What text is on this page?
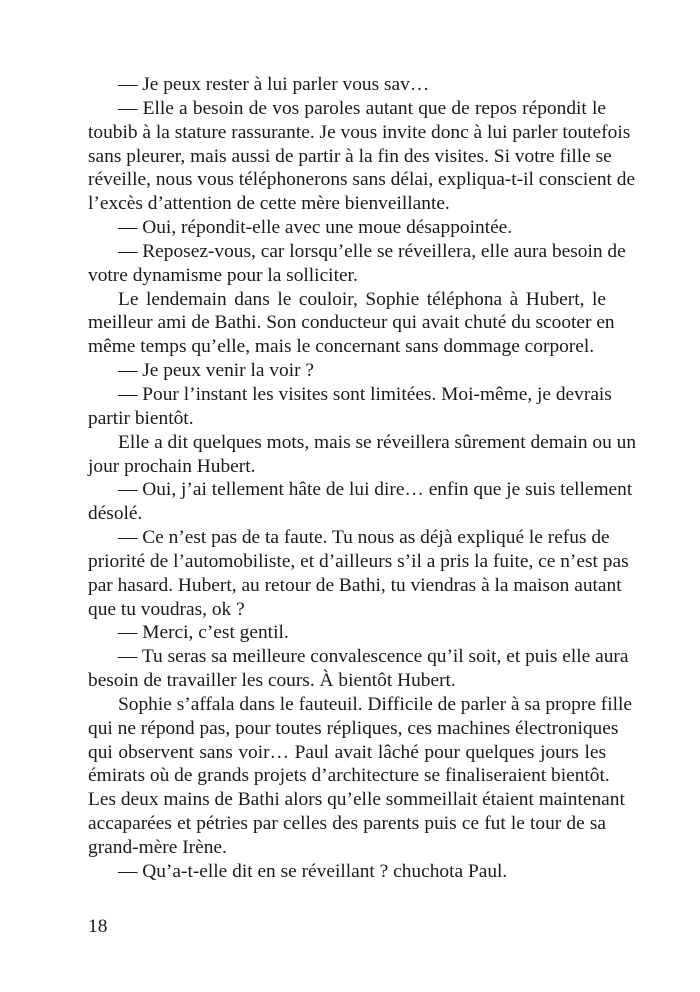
— Je peux rester à lui parler vous sav…
— Elle a besoin de vos paroles autant que de repos répondit le
toubib à la stature rassurante. Je vous invite donc à lui parler toutefois
sans pleurer, mais aussi de partir à la fin des visites. Si votre fille se
réveille, nous vous téléphonerons sans délai, expliqua-t-il conscient de
l’excès d’attention de cette mère bienveillante.
— Oui, répondit-elle avec une moue désappointée.
— Reposez-vous, car lorsqu’elle se réveillera, elle aura besoin de
votre dynamisme pour la solliciter.
Le lendemain dans le couloir, Sophie téléphona à Hubert, le
meilleur ami de Bathi. Son conducteur qui avait chuté du scooter en
même temps qu’elle, mais le concernant sans dommage corporel.
— Je peux venir la voir ?
— Pour l’instant les visites sont limitées. Moi-même, je devrais
partir bientôt.
Elle a dit quelques mots, mais se réveillera sûrement demain ou un
jour prochain Hubert.
— Oui, j’ai tellement hâte de lui dire… enfin que je suis tellement
désolé.
— Ce n’est pas de ta faute. Tu nous as déjà expliqué le refus de
priorité de l’automobiliste, et d’ailleurs s’il a pris la fuite, ce n’est pas
par hasard. Hubert, au retour de Bathi, tu viendras à la maison autant
que tu voudras, ok ?
— Merci, c’est gentil.
— Tu seras sa meilleure convalescence qu’il soit, et puis elle aura
besoin de travailler les cours. À bientôt Hubert.
Sophie s’affala dans le fauteuil. Difficile de parler à sa propre fille
qui ne répond pas, pour toutes répliques, ces machines électroniques
qui observent sans voir… Paul avait lâché pour quelques jours les
émirats où de grands projets d’architecture se finaliseraient bientôt.
Les deux mains de Bathi alors qu’elle sommeillait étaient maintenant
accaparées et pétries par celles des parents puis ce fut le tour de sa
grand-mère Irène.
— Qu’a-t-elle dit en se réveillant ? chuchota Paul.
18
